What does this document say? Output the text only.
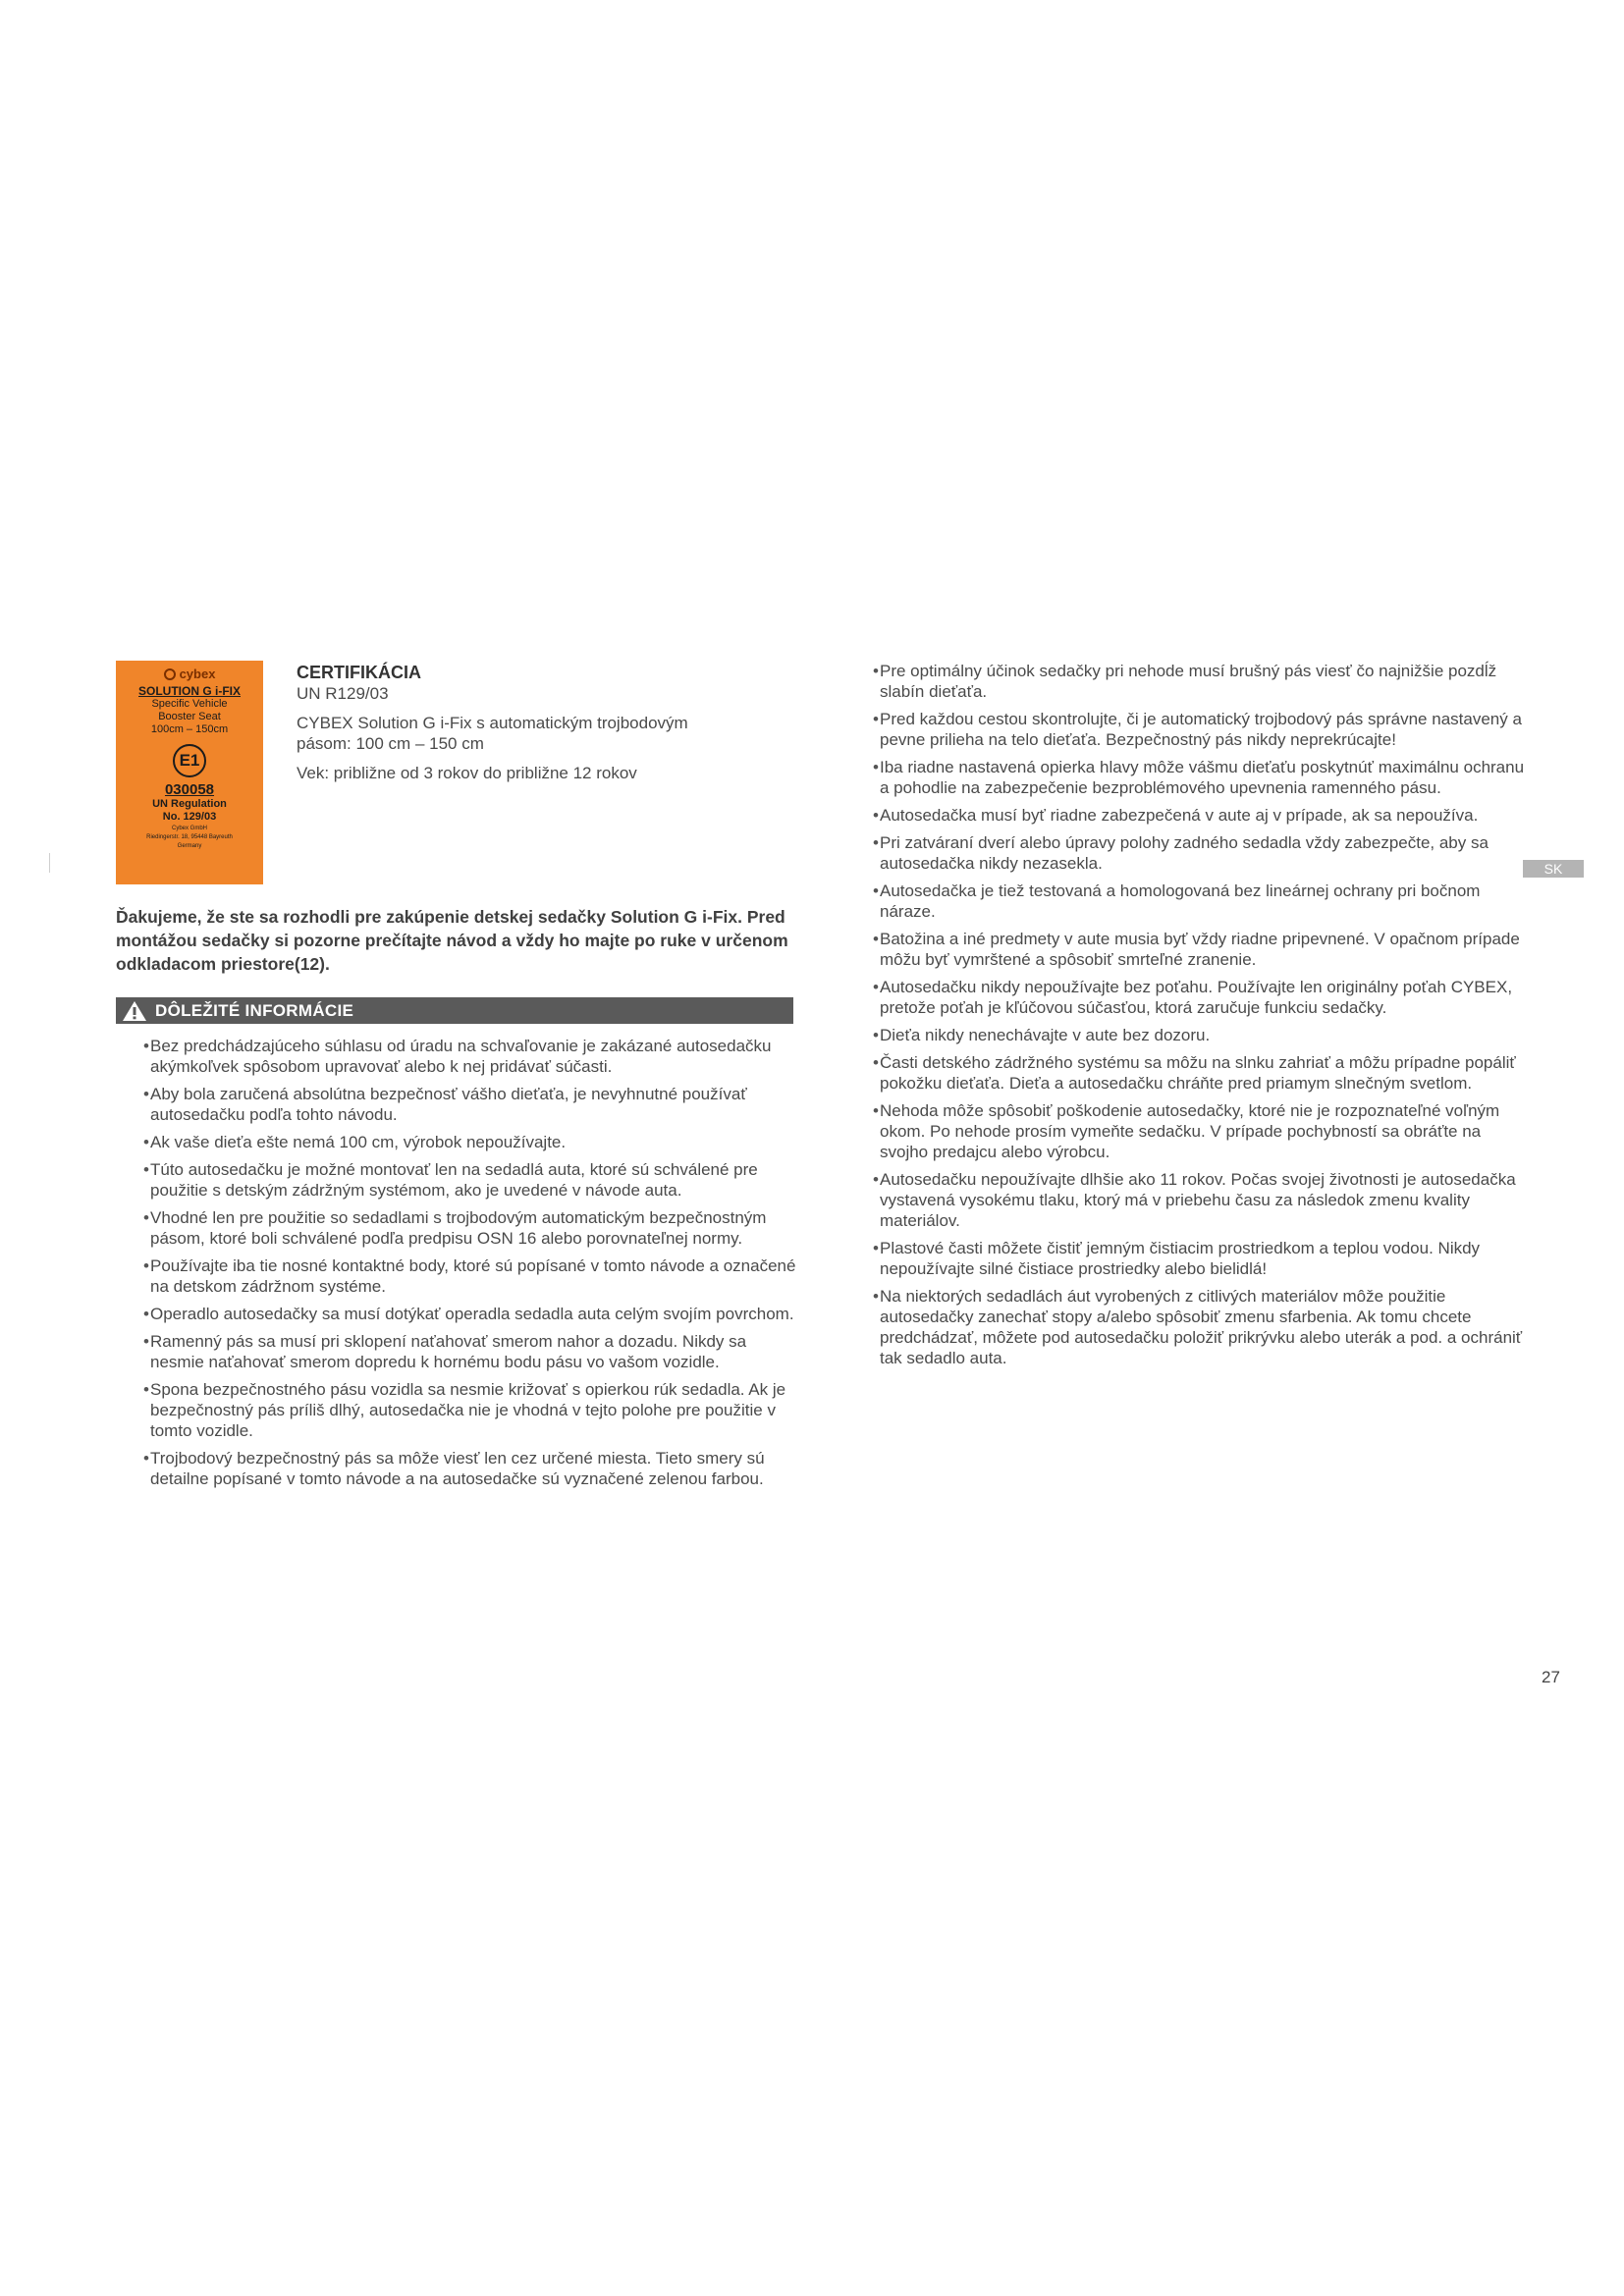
cybex
SOLUTION G i-FIX
Specific Vehicle
Booster Seat
100cm – 150cm
E1
030058
UN Regulation
No. 129/03
Cybex GmbH
Riedingerstr. 18, 95448 Bayreuth
Germany

CERTIFIKÁCIA

UN R129/03

CYBEX Solution G i-Fix s automatickým trojbodovým

pásom: 100 cm – 150 cm

Vek: približne od 3 rokov do približne 12 rokov

Ďakujeme, že ste sa rozhodli pre zakúpenie detskej sedačky Solution G i-Fix. Pred montážou sedačky si pozorne prečítajte návod a vždy ho majte po ruke v určenom odkladacom priestore(12).

DÔLEŽITÉ INFORMÁCIE
• Bez predchádzajúceho súhlasu od úradu na schvaľovanie je zakázané autosedačku akýmkoľvek spôsobom upravovať alebo k nej pridávať súčasti.
• Aby bola zaručená absolútna bezpečnosť vášho dieťaťa, je nevyhnutné používať autosedačku podľa tohto návodu.
• Ak vaše dieťa ešte nemá 100 cm, výrobok nepoužívajte.
• Túto autosedačku je možné montovať len na sedadlá auta, ktoré sú schválené pre použitie s detským zádržným systémom, ako je uvedené v návode auta.
• Vhodné len pre použitie so sedadlami s trojbodovým automatickým bezpečnostným pásom, ktoré boli schválené podľa predpisu OSN 16 alebo porovnateľnej normy.
• Používajte iba tie nosné kontaktné body, ktoré sú popísané v tomto návode a označené na detskom zádržnom systéme.
• Operadlo autosedačky sa musí dotýkať operadla sedadla auta celým svojím povrchom.
• Ramenný pás sa musí pri sklopení naťahovať smerom nahor a dozadu. Nikdy sa nesmie naťahovať smerom dopredu k hornému bodu pásu vo vašom vozidle.
• Spona bezpečnostného pásu vozidla sa nesmie križovať s opierkou rúk sedadla. Ak je bezpečnostný pás príliš dlhý, autosedačka nie je vhodná v tejto polohe pre použitie v tomto vozidle.
• Trojbodový bezpečnostný pás sa môže viesť len cez určené miesta. Tieto smery sú detailne popísané v tomto návode a na autosedačke sú vyznačené zelenou farbou.
• Pre optimálny účinok sedačky pri nehode musí brušný pás viesť čo najnižšie pozdĺž slabín dieťaťa.
• Pred každou cestou skontrolujte, či je automatický trojbodový pás správne nastavený a pevne prilieha na telo dieťaťa. Bezpečnostný pás nikdy neprekrúcajte!
• Iba riadne nastavená opierka hlavy môže vášmu dieťaťu poskytnúť maximálnu ochranu a pohodlie na zabezpečenie bezproblémového upevnenia ramenného pásu.
• Autosedačka musí byť riadne zabezpečená v aute aj v prípade, ak sa nepoužíva.
• Pri zatváraní dverí alebo úpravy polohy zadného sedadla vždy zabezpečte, aby sa autosedačka nikdy nezasekla.
• Autosedačka je tiež testovaná a homologovaná bez lineárnej ochrany pri bočnom náraze.
• Batožina a iné predmety v aute musia byť vždy riadne pripevnené. V opačnom prípade môžu byť vymrštené a spôsobiť smrteľné zranenie.
• Autosedačku nikdy nepoužívajte bez poťahu. Používajte len originálny poťah CYBEX, pretože poťah je kľúčovou súčasťou, ktorá zaručuje funkciu sedačky.
• Dieťa nikdy nenechávajte v aute bez dozoru.
• Časti detského zádržného systému sa môžu na slnku zahriať a môžu prípadne popáliť pokožku dieťaťa. Dieťa a autosedačku chráňte pred priamym slnečným svetlom.
• Nehoda môže spôsobiť poškodenie autosedačky, ktoré nie je rozpoznateľné voľným okom. Po nehode prosím vymeňte sedačku. V prípade pochybností sa obráťte na svojho predajcu alebo výrobcu.
• Autosedačku nepoužívajte dlhšie ako 11 rokov. Počas svojej životnosti je autosedačka vystavená vysokému tlaku, ktorý má v priebehu času za následok zmenu kvality materiálov.
• Plastové časti môžete čistiť jemným čistiacim prostriedkom a teplou vodou. Nikdy nepoužívajte silné čistiace prostriedky alebo bielidlá!
• Na niektorých sedadlách áut vyrobených z citlivých materiálov môže použitie autosedačky zanechať stopy a/alebo spôsobiť zmenu sfarbenia. Ak tomu chcete predchádzať, môžete pod autosedačku položiť prikrývku alebo uterák a pod. a ochrániť tak sedadlo auta.
SK
27
